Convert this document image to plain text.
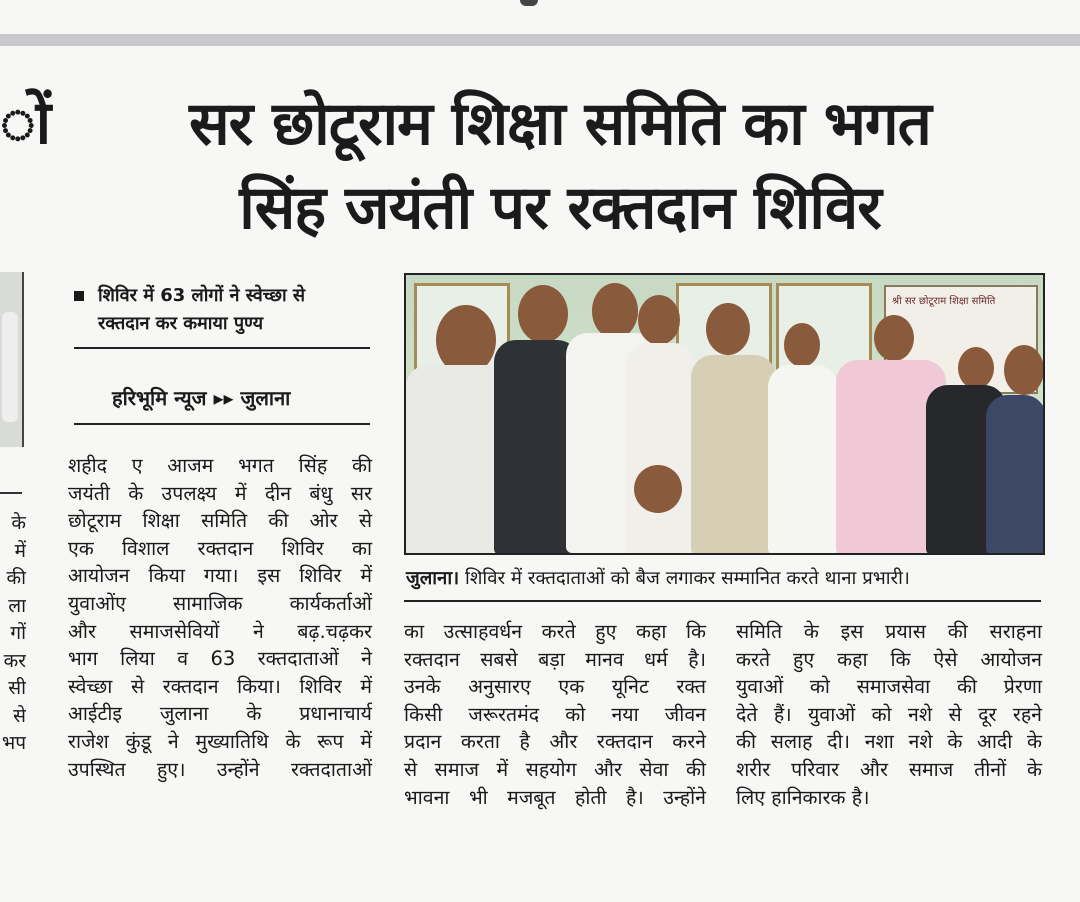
ों
के
में
की
ला
गों
कर
सी
से
भप
सर छोटूराम शिक्षा समिति का भगत
सिंह जयंती पर रक्तदान शिविर
शिविर में 63 लोगों ने स्वेच्छा से
रक्तदान कर कमाया पुण्य
हरिभूमि न्यूज ▸▸ जुलाना
शहीद ए आजम भगत सिंह की
जयंती के उपलक्ष्य में दीन बंधु सर
छोटूराम शिक्षा समिति की ओर से
एक विशाल रक्तदान शिविर का
आयोजन किया गया। इस शिविर में
युवाओंए सामाजिक कार्यकर्ताओं
और समाजसेवियों ने बढ़.चढ़कर
भाग लिया व 63 रक्तदाताओं ने
स्वेच्छा से रक्तदान किया। शिविर में
आईटीइ जुलाना के प्रधानाचार्य
राजेश कुंडू ने मुख्यातिथि के रूप में
उपस्थित हुए। उन्होंने रक्तदाताओं
श्री सर छोटूराम शिक्षा समिति
जुलाना। शिविर में रक्तदाताओं को बैज लगाकर सम्मानित करते थाना प्रभारी।
का उत्साहवर्धन करते हुए कहा कि
रक्तदान सबसे बड़ा मानव धर्म है।
उनके अनुसारए एक यूनिट रक्त
किसी जरूरतमंद को नया जीवन
प्रदान करता है और रक्तदान करने
से समाज में सहयोग और सेवा की
भावना भी मजबूत होती है। उन्होंने
समिति के इस प्रयास की सराहना
करते हुए कहा कि ऐसे आयोजन
युवाओं को समाजसेवा की प्रेरणा
देते हैं। युवाओं को नशे से दूर रहने
की सलाह दी। नशा नशे के आदी के
शरीर परिवार और समाज तीनों के
लिए हानिकारक है।
